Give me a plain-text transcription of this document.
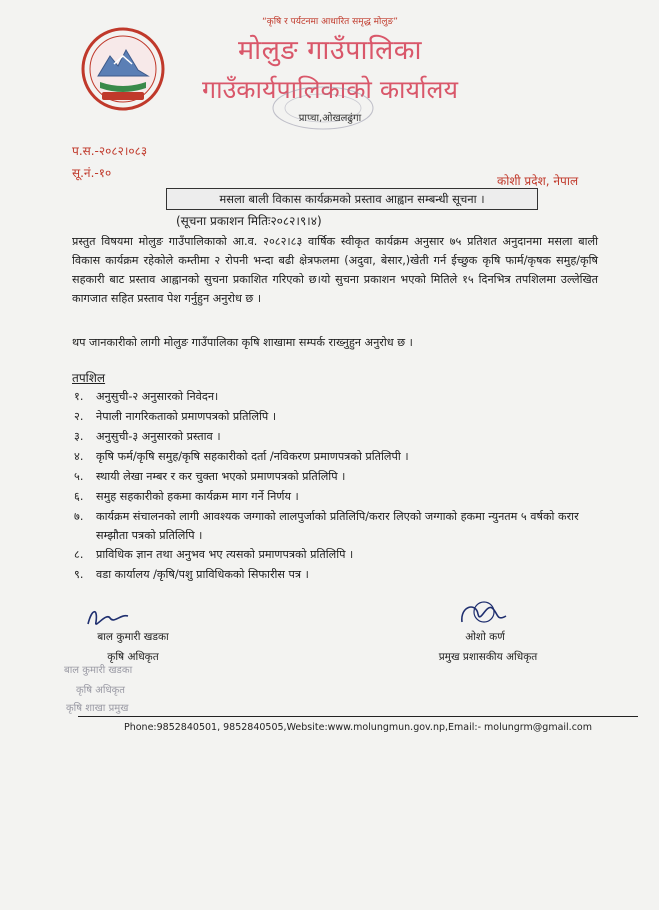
“कृषि र पर्यटनमा आधारित समृद्ध मोलुङ”
मोलुङ गाउँपालिका
गाउँकार्यपालिकाको कार्यालय
प्राप्चा,ओखलढुंगा
प.स.-२०८२।०८३
सू.नं.-१०
कोशी प्रदेश, नेपाल
मसला बाली विकास कार्यक्रमको प्रस्ताव आह्वान सम्बन्धी सूचना ।
(सूचना प्रकाशन मितिः२०८२।९।४)
प्रस्तुत विषयमा मोलुङ गाउँपालिकाको आ.व. २०८२।८३ वार्षिक स्वीकृत कार्यक्रम अनुसार ७५ प्रतिशत अनुदानमा मसला बाली विकास कार्यक्रम रहेकोले कम्तीमा २ रोपनी भन्दा बढी क्षेत्रफलमा (अदुवा, बेसार,)खेती गर्न ईच्छुक कृषि फार्म/कृषक समुह/कृषि सहकारी बाट प्रस्ताव आह्वानको सुचना प्रकाशित गरिएको छ।यो सुचना प्रकाशन भएको मितिले १५ दिनभित्र तपशिलमा उल्लेखित कागजात सहित प्रस्ताव पेश गर्नुहुन अनुरोध छ ।
थप जानकारीको लागी मोलुङ गाउँपालिका कृषि शाखामा सम्पर्क राख्नुहुन अनुरोध छ ।
तपशिल
१.	अनुसुची-२ अनुसारको निवेदन।
२.	नेपाली नागरिकताको प्रमाणपत्रको प्रतिलिपि ।
३.	अनुसुची-३ अनुसारको प्रस्ताव ।
४.	कृषि फर्म/कृषि समुह/कृषि सहकारीको दर्ता /नविकरण प्रमाणपत्रको प्रतिलिपी ।
५.	स्थायी लेखा नम्बर र कर चुक्ता भएको प्रमाणपत्रको प्रतिलिपि ।
६.	समुह सहकारीको हकमा कार्यक्रम माग गर्ने निर्णय ।
७.	कार्यक्रम संचालनको लागी आवश्यक जग्गाको लालपुर्जाको प्रतिलिपि/करार लिएको जग्गाको हकमा न्युनतम ५ वर्षको करार सम्झौता पत्रको प्रतिलिपि ।
८.	प्राविधिक ज्ञान तथा अनुभव भए त्यसको प्रमाणपत्रको प्रतिलिपि ।
९.	वडा कार्यालय /कृषि/पशु प्राविधिकको सिफारीस पत्र ।
बाल कुमारी खडका
कृषि अधिकृत
बाल कुमारी खडका
कृषि अधिकृत
कृषि शाखा प्रमुख
ओशो कर्ण
प्रमुख प्रशासकीय अधिकृत
Phone:9852840501, 9852840505,Website:www.molungmun.gov.np,Email:- molungrm@gmail.com
